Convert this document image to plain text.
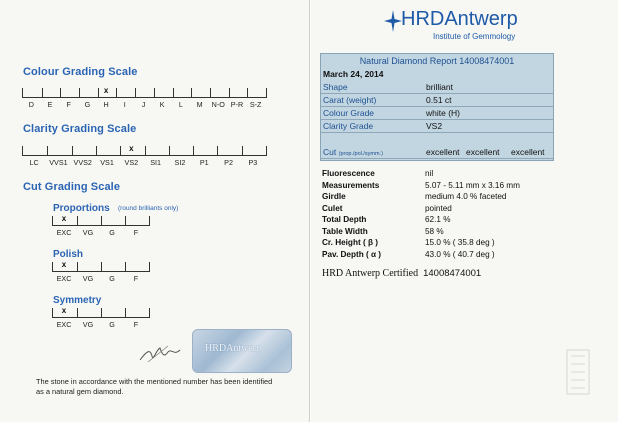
Colour Grading Scale
D E F G H I J K L M N-O P-R S-Z
x
Clarity Grading Scale
LC VVS1 VVS2 VS1 VS2 SI1 SI2 P1 P2 P3
x
Cut Grading Scale
Proportions (round brilliants only)
EXC VG G	F
x
Polish
EXC VG G	F
x
Symmetry
EXC VG G	F
x
HRDAntwerp
The stone in accordance with the mentioned number has been identified
as a natural gem diamond.
HRDAntwerp
Institute of Gemmology
Natural Diamond Report 14008474001
March 24, 2014
Shape	brilliant
Carat (weight)	0.51 ct
Colour Grade	white (H)
Clarity Grade	VS2
Cut (prop./pol./symm.)	excellent excellent excellent
Fluorescence	nil
Measurements	5.07 - 5.11 mm x 3.16 mm
Girdle	medium 4.0 % faceted
Culet	pointed
Total Depth	62.1 %
Table Width	58 %
Cr. Height ( β )	15.0 % ( 35.8 deg )
Pav. Depth ( α )	43.0 % ( 40.7 deg )
HRD Antwerp Certified 14008474001
